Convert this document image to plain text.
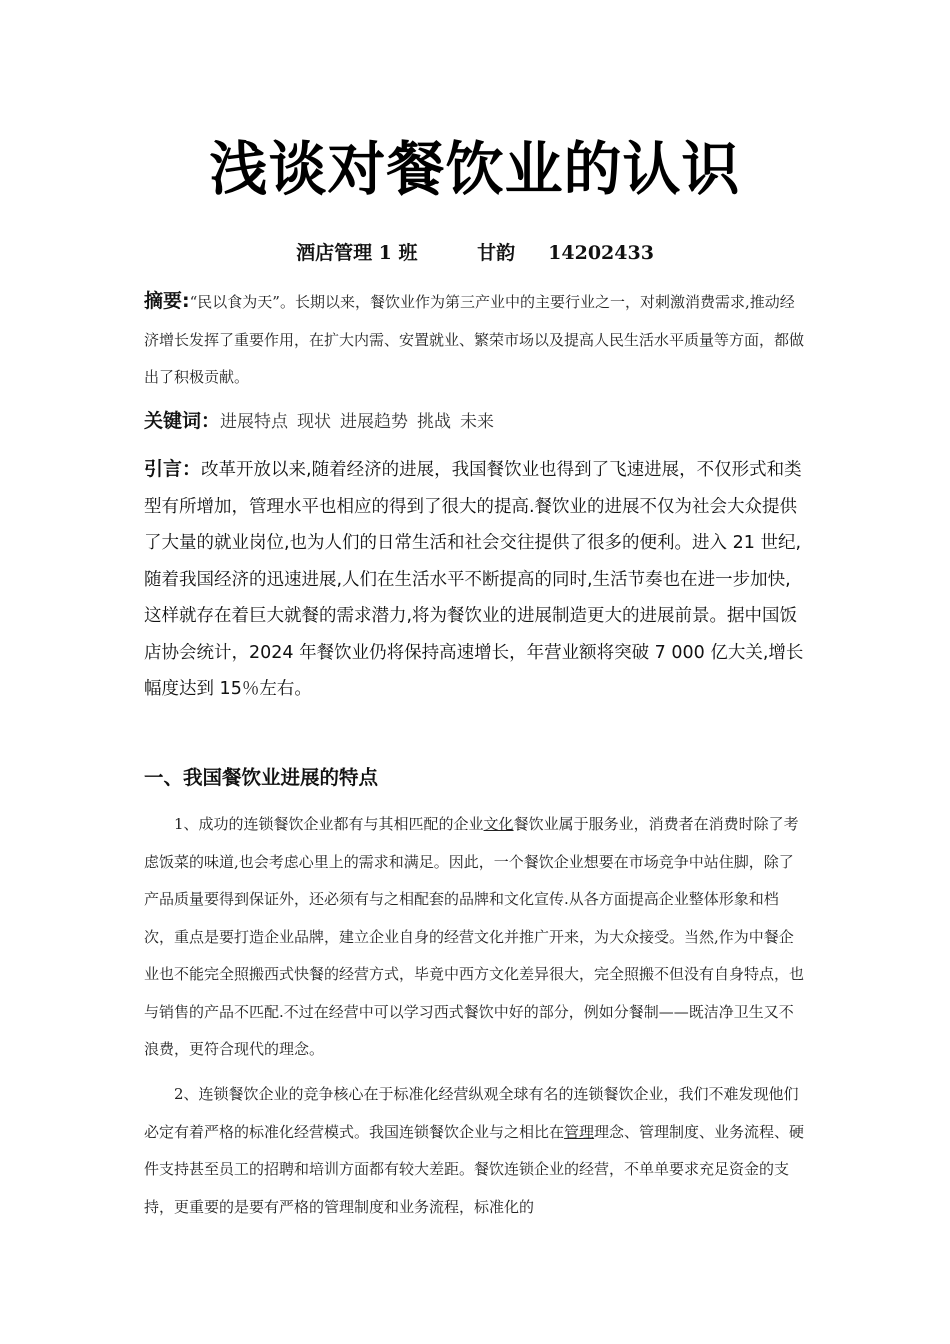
浅谈对餐饮业的认识
酒店管理 1 班	甘韵 14202433
摘要:“民以食为天”。长期以来，餐饮业作为第三产业中的主要行业之一，对刺激消费需求,推动经济增长发挥了重要作用，在扩大内需、安置就业、繁荣市场以及提高人民生活水平质量等方面，都做出了积极贡献。
关键词：进展特点 现状 进展趋势 挑战 未来
引言：改革开放以来,随着经济的进展，我国餐饮业也得到了飞速进展，不仅形式和类型有所增加，管理水平也相应的得到了很大的提高.餐饮业的进展不仅为社会大众提供了大量的就业岗位,也为人们的日常生活和社会交往提供了很多的便利。进入 21 世纪,随着我国经济的迅速进展,人们在生活水平不断提高的同时,生活节奏也在进一步加快,这样就存在着巨大就餐的需求潜力,将为餐饮业的进展制造更大的进展前景。据中国饭店协会统计，2024 年餐饮业仍将保持高速增长，年营业额将突破 7 000 亿大关,增长幅度达到 15％左右。
一、我国餐饮业进展的特点
1、成功的连锁餐饮企业都有与其相匹配的企业文化餐饮业属于服务业，消费者在消费时除了考虑饭菜的味道,也会考虑心里上的需求和满足。因此，一个餐饮企业想要在市场竞争中站住脚，除了产品质量要得到保证外，还必须有与之相配套的品牌和文化宣传.从各方面提高企业整体形象和档次，重点是要打造企业品牌，建立企业自身的经营文化并推广开来，为大众接受。当然,作为中餐企业也不能完全照搬西式快餐的经营方式，毕竟中西方文化差异很大，完全照搬不但没有自身特点，也与销售的产品不匹配.不过在经营中可以学习西式餐饮中好的部分，例如分餐制——既洁净卫生又不浪费，更符合现代的理念。
2、连锁餐饮企业的竞争核心在于标准化经营纵观全球有名的连锁餐饮企业，我们不难发现他们必定有着严格的标准化经营模式。我国连锁餐饮企业与之相比在管理理念、管理制度、业务流程、硬件支持甚至员工的招聘和培训方面都有较大差距。餐饮连锁企业的经营，不单单要求充足资金的支持，更重要的是要有严格的管理制度和业务流程，标准化的
